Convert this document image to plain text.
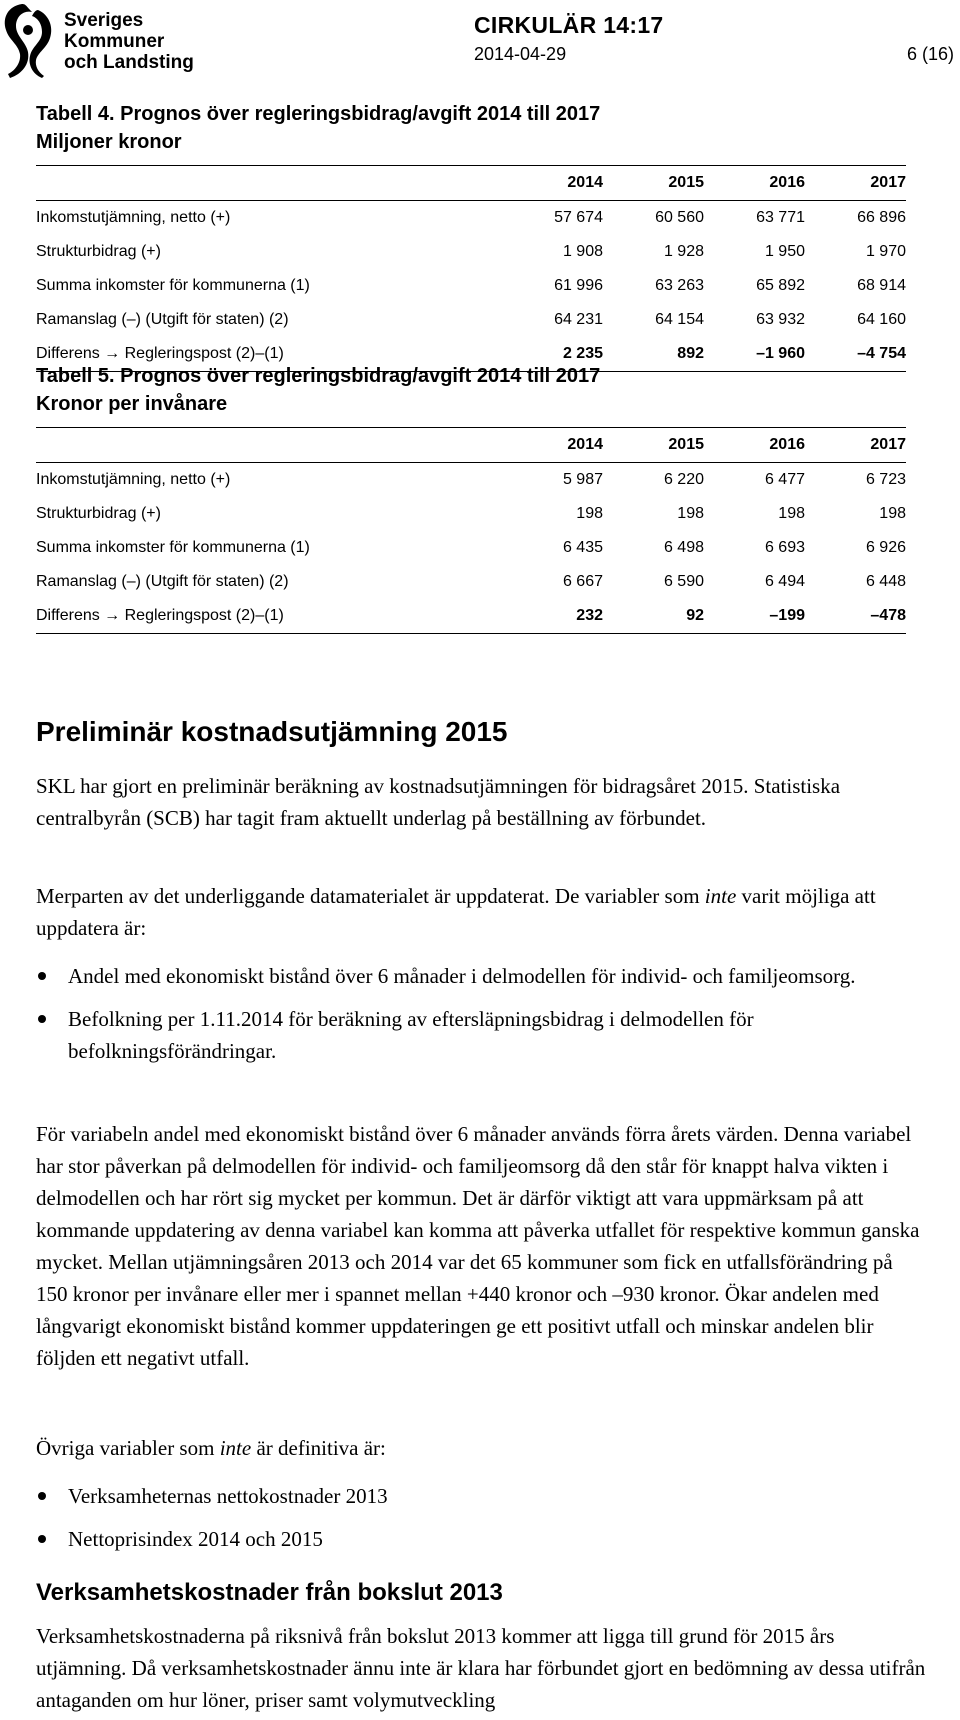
Sveriges
Kommuner
och Landsting
CIRKULÄR 14:17
2014-04-29	6 (16)
Tabell 4. Prognos över regleringsbidrag/avgift 2014 till 2017
Miljoner kronor
2014	2015	2016	2017
Inkomstutjämning, netto (+)	57 674	60 560	63 771	66 896
Strukturbidrag (+)	1 908	1 928	1 950	1 970
Summa inkomster för kommunerna (1)	61 996	63 263	65 892	68 914
Ramanslag (–) (Utgift för staten) (2)	64 231	64 154	63 932	64 160
Differens → Regleringspost (2)–(1)	2 235	892	–1 960	–4 754
Tabell 5. Prognos över regleringsbidrag/avgift 2014 till 2017
Kronor per invånare
2014	2015	2016	2017
Inkomstutjämning, netto (+)	5 987	6 220	6 477	6 723
Strukturbidrag (+)	198	198	198	198
Summa inkomster för kommunerna (1)	6 435	6 498	6 693	6 926
Ramanslag (–) (Utgift för staten) (2)	6 667	6 590	6 494	6 448
Differens → Regleringspost (2)–(1)	232	92	–199	–478
Preliminär kostnadsutjämning 2015

SKL har gjort en preliminär beräkning av kostnadsutjämningen för bidragsåret 2015. Statistiska centralbyrån (SCB) har tagit fram aktuellt underlag på beställning av förbundet.

Merparten av det underliggande datamaterialet är uppdaterat. De variabler som inte varit möjliga att uppdatera är:

Andel med ekonomiskt bistånd över 6 månader i delmodellen för individ- och familjeomsorg.
Befolkning per 1.11.2014 för beräkning av eftersläpningsbidrag i delmodellen för befolkningsförändringar.

För variabeln andel med ekonomiskt bistånd över 6 månader används förra årets värden. Denna variabel har stor påverkan på delmodellen för individ- och familjeomsorg då den står för knappt halva vikten i delmodellen och har rört sig mycket per kommun. Det är därför viktigt att vara uppmärksam på att kommande uppdatering av denna variabel kan komma att påverka utfallet för respektive kommun ganska mycket. Mellan utjämningsåren 2013 och 2014 var det 65 kommuner som fick en utfallsförändring på 150 kronor per invånare eller mer i spannet mellan +440 kronor och –930 kronor. Ökar andelen med långvarigt ekonomiskt bistånd kommer uppdateringen ge ett positivt utfall och minskar andelen blir följden ett negativt utfall.

Övriga variabler som inte är definitiva är:

Verksamheternas nettokostnader 2013
Nettoprisindex 2014 och 2015
Verksamhetskostnader från bokslut 2013

Verksamhetskostnaderna på riksnivå från bokslut 2013 kommer att ligga till grund för 2015 års utjämning. Då verksamhetskostnader ännu inte är klara har förbundet gjort en bedömning av dessa utifrån antaganden om hur löner, priser samt volymutveckling
